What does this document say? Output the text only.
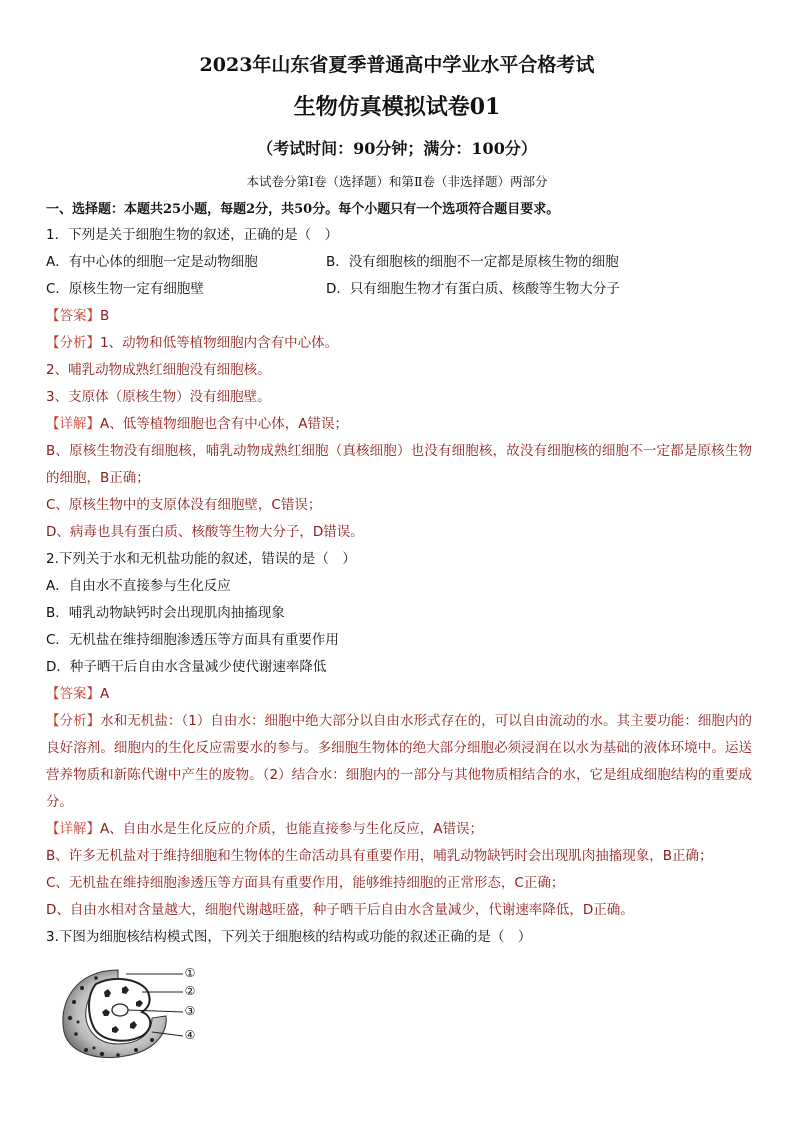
2023年山东省夏季普通高中学业水平合格考试
生物仿真模拟试卷01
（考试时间：90分钟；满分：100分）
本试卷分第Ⅰ卷（选择题）和第Ⅱ卷（非选择题）两部分
一、选择题：本题共25小题，每题2分，共50分。每个小题只有一个选项符合题目要求。
1．下列是关于细胞生物的叙述，正确的是（　）
A．有中心体的细胞一定是动物细胞	B．没有细胞核的细胞不一定都是原核生物的细胞
C．原核生物一定有细胞壁	D．只有细胞生物才有蛋白质、核酸等生物大分子
【答案】B
【分析】1、动物和低等植物细胞内含有中心体。
2、哺乳动物成熟红细胞没有细胞核。
3、支原体（原核生物）没有细胞壁。
【详解】A、低等植物细胞也含有中心体，A错误；
B、原核生物没有细胞核，哺乳动物成熟红细胞（真核细胞）也没有细胞核，故没有细胞核的细胞不一定都是原核生物的细胞，B正确；
C、原核生物中的支原体没有细胞壁，C错误；
D、病毒也具有蛋白质、核酸等生物大分子，D错误。
2.下列关于水和无机盐功能的叙述，错误的是（　）
A．自由水不直接参与生化反应
B．哺乳动物缺钙时会出现肌肉抽搐现象
C．无机盐在维持细胞渗透压等方面具有重要作用
D．种子晒干后自由水含量减少使代谢速率降低
【答案】A
【分析】水和无机盐：（1）自由水：细胞中绝大部分以自由水形式存在的，可以自由流动的水。其主要功能：细胞内的良好溶剂。细胞内的生化反应需要水的参与。多细胞生物体的绝大部分细胞必须浸润在以水为基础的液体环境中。运送营养物质和新陈代谢中产生的废物。（2）结合水：细胞内的一部分与其他物质相结合的水，它是组成细胞结构的重要成分。
【详解】A、自由水是生化反应的介质，也能直接参与生化反应，A错误；
B、许多无机盐对于维持细胞和生物体的生命活动具有重要作用，哺乳动物缺钙时会出现肌肉抽搐现象，B正确；
C、无机盐在维持细胞渗透压等方面具有重要作用，能够维持细胞的正常形态，C正确；
D、自由水相对含量越大，细胞代谢越旺盛，种子晒干后自由水含量减少，代谢速率降低，D正确。
3.下图为细胞核结构模式图，下列关于细胞核的结构或功能的叙述正确的是（　）
①
②
③
④
